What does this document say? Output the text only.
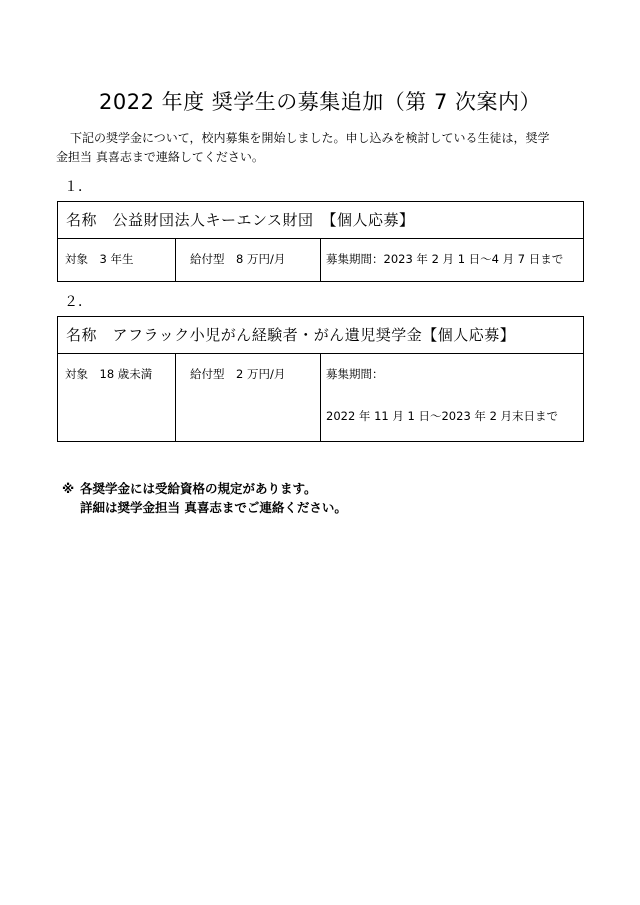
2022 年度 奨学生の募集追加（第 7 次案内）
下記の奨学金について，校内募集を開始しました。申し込みを検討している生徒は，奨学
金担当 真喜志まで連絡してください。
１．
名称　公益財団法人キーエンス財団　【個人応募】

対象　3 年生	給付型　8 万円/月	募集期間：2023 年 2 月 1 日～4 月 7 日まで
２．
名称　アフラック小児がん経験者・がん遺児奨学金【個人応募】

対象　18 歳未満	給付型　2 万円/月	募集期間：
2022 年 11 月 1 日～2023 年 2 月末日まで
※ 各奨学金には受給資格の規定があります。
詳細は奨学金担当 真喜志までご連絡ください。
